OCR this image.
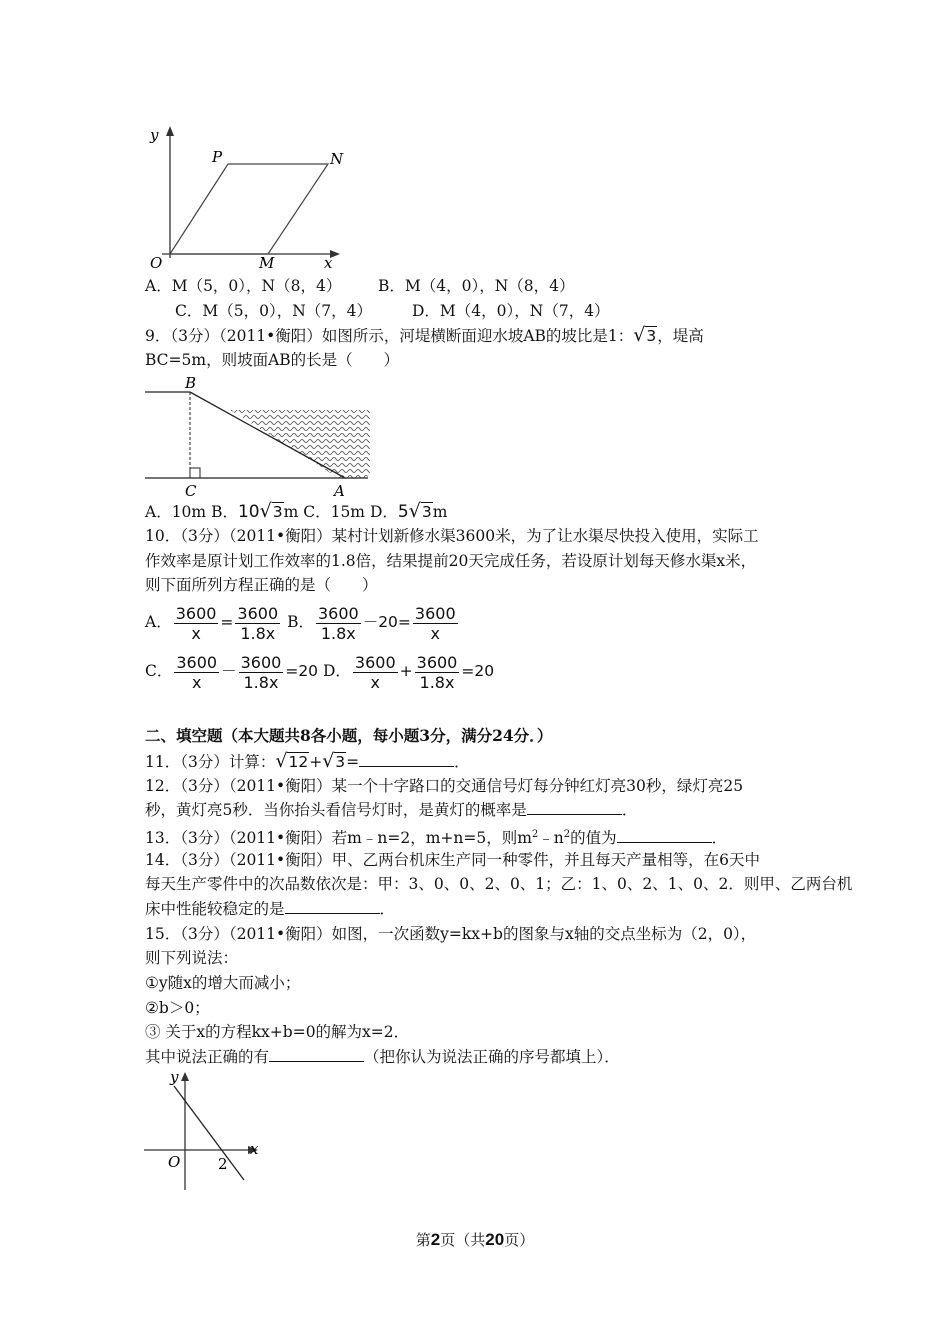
y
P	N
O	M	x
A．M（5，0），N（8，4） B．M（4，0），N（8，4）
C．M（5，0），N（7，4）	D．M（4，0），N（7，4）
9．（3分）（2011•衡阳）如图所示，河堤横断面迎水坡AB的坡比是1：√3，堤高
BC=5m，则坡面AB的长是（　　）
B
C	A
A．10m B．10√3m C．15m D．5√3m
10．（3分）（2011•衡阳）某村计划新修水渠3600米，为了让水渠尽快投入使用，实际工
作效率是原计划工作效率的1.8倍，结果提前20天完成任务，若设原计划每天修水渠x米，
则下面所列方程正确的是（　　）
A． $\frac{3600}{x} = \frac{3600}{1.8x}$ B． $\frac{3600}{1.8x} -20= \frac{3600}{x}$
C． $\frac{3600}{x} - \frac{3600}{1.8x} =20$ D． $\frac{3600}{x} + \frac{3600}{1.8x} =20$
二、填空题（本大题共8各小题，每小题3分，满分24分．）
11．（3分）计算：√12+√3=	．
12．（3分）（2011•衡阳）某一个十字路口的交通信号灯每分钟红灯亮30秒，绿灯亮25
秒，黄灯亮5秒．当你抬头看信号灯时，是黄灯的概率是	．
13．（3分）（2011•衡阳）若m﹣n=2，m+n=5，则$m^2﹣n^2$的值为	．
14．（3分）（2011•衡阳）甲、乙两台机床生产同一种零件，并且每天产量相等，在6天中
每天生产零件中的次品数依次是：甲：3、0、0、2、0、1；乙：1、0、2、1、0、2．则甲、乙两台机
床中性能较稳定的是	．
15．（3分）（2011•衡阳）如图，一次函数y=kx+b的图象与x轴的交点坐标为（2，0），
则下列说法：
①y随x的增大而减小；
②b＞0；
③ 关于x的方程kx+b=0的解为x=2．
其中说法正确的有	（把你认为说法正确的序号都填上）．
y
O	2
x
第2页（共20页）
